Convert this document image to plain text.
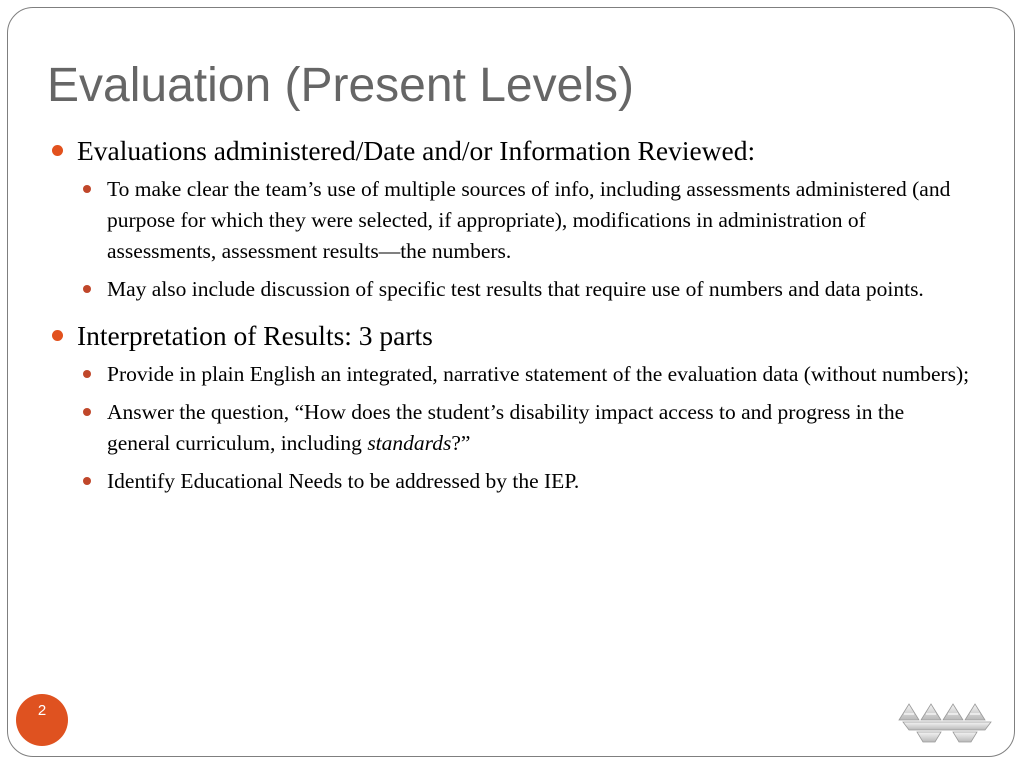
Evaluation (Present Levels)
Evaluations administered/Date and/or Information Reviewed:
To make clear the team’s use of multiple sources of info, including assessments administered (and purpose for which they were selected, if appropriate), modifications in administration of assessments, assessment results—the numbers.
May also include discussion of specific test results that require use of numbers and data points.
Interpretation of Results: 3 parts
Provide in plain English an integrated, narrative statement of the evaluation data (without numbers);
Answer the question, “How does the student’s disability impact access to and progress in the general curriculum, including standards?”
Identify Educational Needs to be addressed by the IEP.
2
